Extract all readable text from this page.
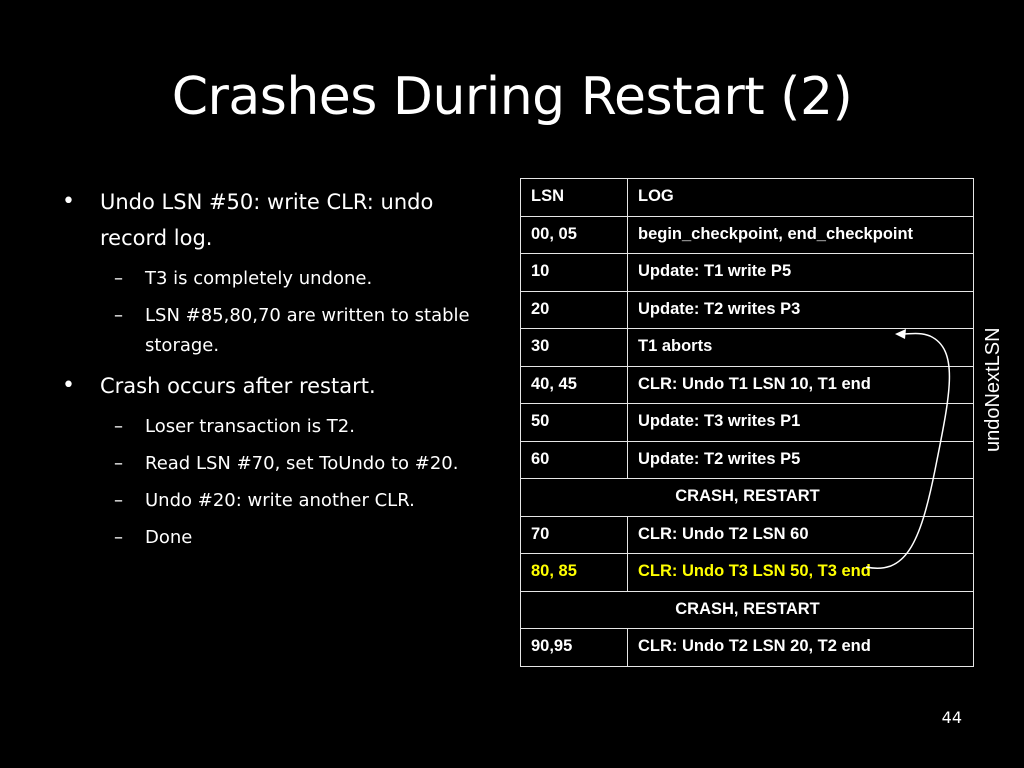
Crashes During Restart (2)
•	Undo LSN #50: write CLR: undo record log.
–	T3 is completely undone.
–	LSN #85,80,70 are written to stable storage.
•	Crash occurs after restart.
–	Loser transaction is T2.
–	Read LSN #70, set ToUndo to #20.
–	Undo #20: write another CLR.
–	Done
LSN	LOG
00, 05	begin_checkpoint, end_checkpoint
10	Update: T1 write P5
20	Update: T2 writes P3
30	T1 aborts
40, 45	CLR: Undo T1 LSN 10, T1 end
50	Update: T3 writes P1
60	Update: T2 writes P5
CRASH, RESTART	
70	CLR: Undo T2 LSN 60
80, 85	CLR: Undo T3 LSN 50, T3 end
CRASH, RESTART	
90,95	CLR: Undo T2 LSN 20, T2 end
undoNextLSN
44
